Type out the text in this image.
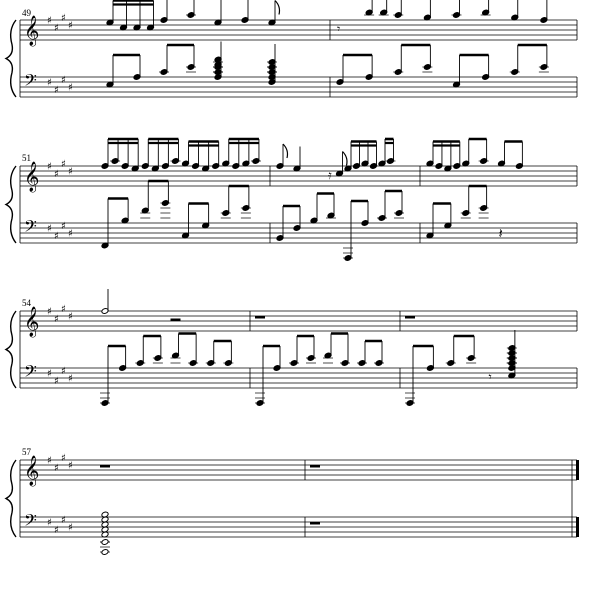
𝄞
𝄢
♯
♯
♯
♯
♯
♯
♯
♯
𝄾
𝄞
𝄢
♯
♯
♯
♯
♯
♯
♯
♯
𝄿
𝄽
𝄞
𝄢
♯
♯
♯
♯
♯
♯
♯
♯	𝄾
𝄞
𝄢
♯
♯
♯
♯
♯
♯
♯
♯
49
51
54
57
